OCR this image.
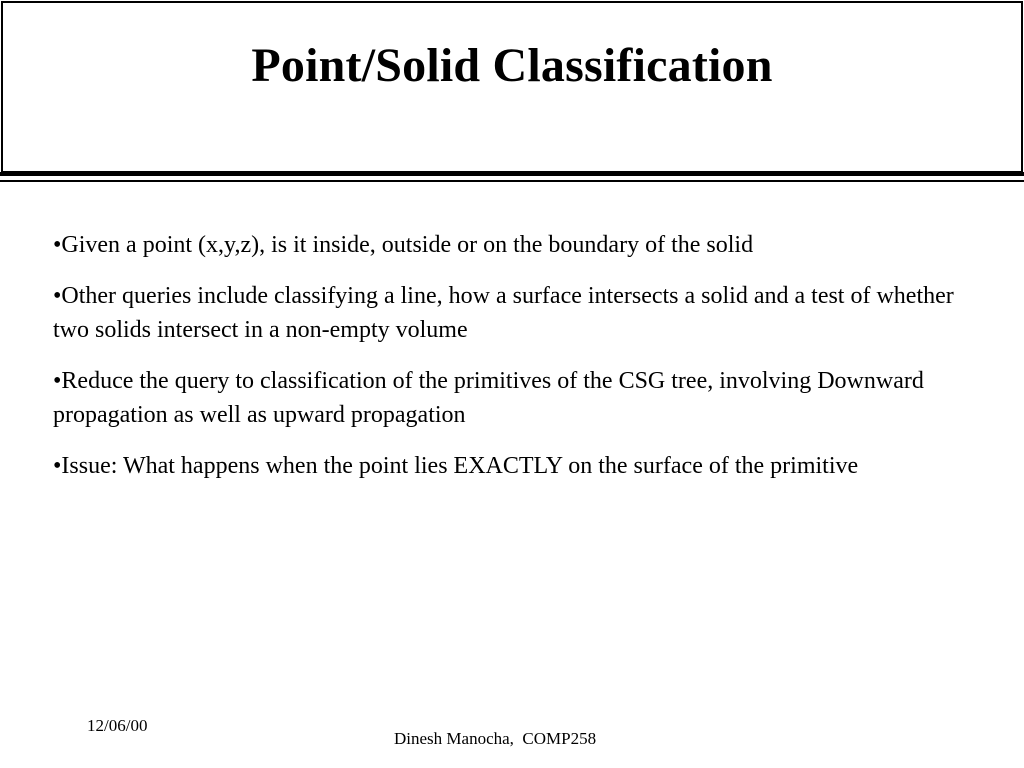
Point/Solid Classification
•Given a point (x,y,z), is it inside, outside or on the boundary of the solid
•Other queries include classifying a line, how a surface intersects a solid and a test of whether two solids intersect in a non-empty volume
•Reduce the query to classification of the primitives of the CSG tree, involving Downward propagation as well as upward propagation
•Issue: What happens when the point lies EXACTLY on the surface of the primitive
12/06/00
Dinesh Manocha,  COMP258
